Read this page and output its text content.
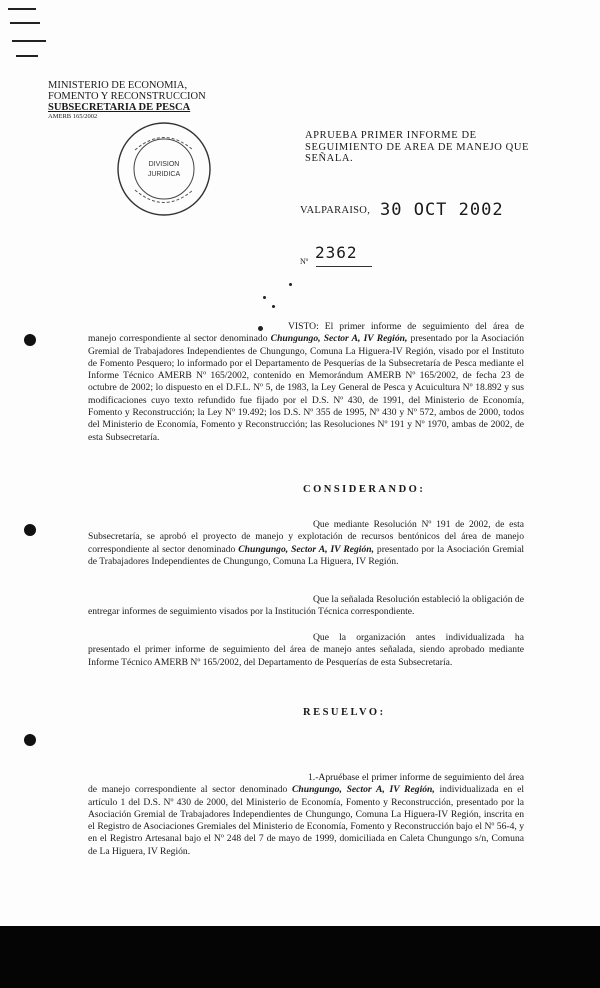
MINISTERIO DE ECONOMIA,
FOMENTO Y RECONSTRUCCION
SUBSECRETARIA DE PESCA
AMERB 165/2002
DIVISION
JURIDICA
APRUEBA PRIMER INFORME DE SEGUIMIENTO DE AREA DE MANEJO QUE SEÑALA.
VALPARAISO, 30 OCT 2002
Nº 2362
VISTO: El primer informe de seguimiento del área de manejo correspondiente al sector denominado Chungungo, Sector A, IV Región, presentado por la Asociación Gremial de Trabajadores Independientes de Chungungo, Comuna La Higuera-IV Región, visado por el Instituto de Fomento Pesquero; lo informado por el Departamento de Pesquerías de la Subsecretaría de Pesca mediante el Informe Técnico AMERB Nº 165/2002, contenido en Memorándum AMERB Nº 165/2002, de fecha 23 de octubre de 2002; lo dispuesto en el D.F.L. Nº 5, de 1983, la Ley General de Pesca y Acuicultura Nº 18.892 y sus modificaciones cuyo texto refundido fue fijado por el D.S. Nº 430, de 1991, del Ministerio de Economía, Fomento y Reconstrucción; la Ley Nº 19.492; los D.S. Nº 355 de 1995, Nº 430 y Nº 572, ambos de 2000, todos del Ministerio de Economía, Fomento y Reconstrucción; las Resoluciones Nº 191 y Nº 1970, ambas de 2002, de esta Subsecretaría.
CONSIDERANDO:
Que mediante Resolución Nº 191 de 2002, de esta Subsecretaría, se aprobó el proyecto de manejo y explotación de recursos bentónicos del área de manejo correspondiente al sector denominado Chungungo, Sector A, IV Región, presentado por la Asociación Gremial de Trabajadores Independientes de Chungungo, Comuna La Higuera, IV Región.
Que la señalada Resolución estableció la obligación de entregar informes de seguimiento visados por la Institución Técnica correspondiente.
Que la organización antes individualizada ha presentado el primer informe de seguimiento del área de manejo antes señalada, siendo aprobado mediante Informe Técnico AMERB Nº 165/2002, del Departamento de Pesquerías de esta Subsecretaría.
RESUELVO:
1.-Apruébase el primer informe de seguimiento del área de manejo correspondiente al sector denominado Chungungo, Sector A, IV Región, individualizada en el artículo 1 del D.S. Nº 430 de 2000, del Ministerio de Economía, Fomento y Reconstrucción, presentado por la Asociación Gremial de Trabajadores Independientes de Chungungo, Comuna La Higuera-IV Región, inscrita en el Registro de Asociaciones Gremiales del Ministerio de Economía, Fomento y Reconstrucción bajo el Nº 56-4, y en el Registro Artesanal bajo el Nº 248 del 7 de mayo de 1999, domiciliada en Caleta Chungungo s/n, Comuna de La Higuera, IV Región.
